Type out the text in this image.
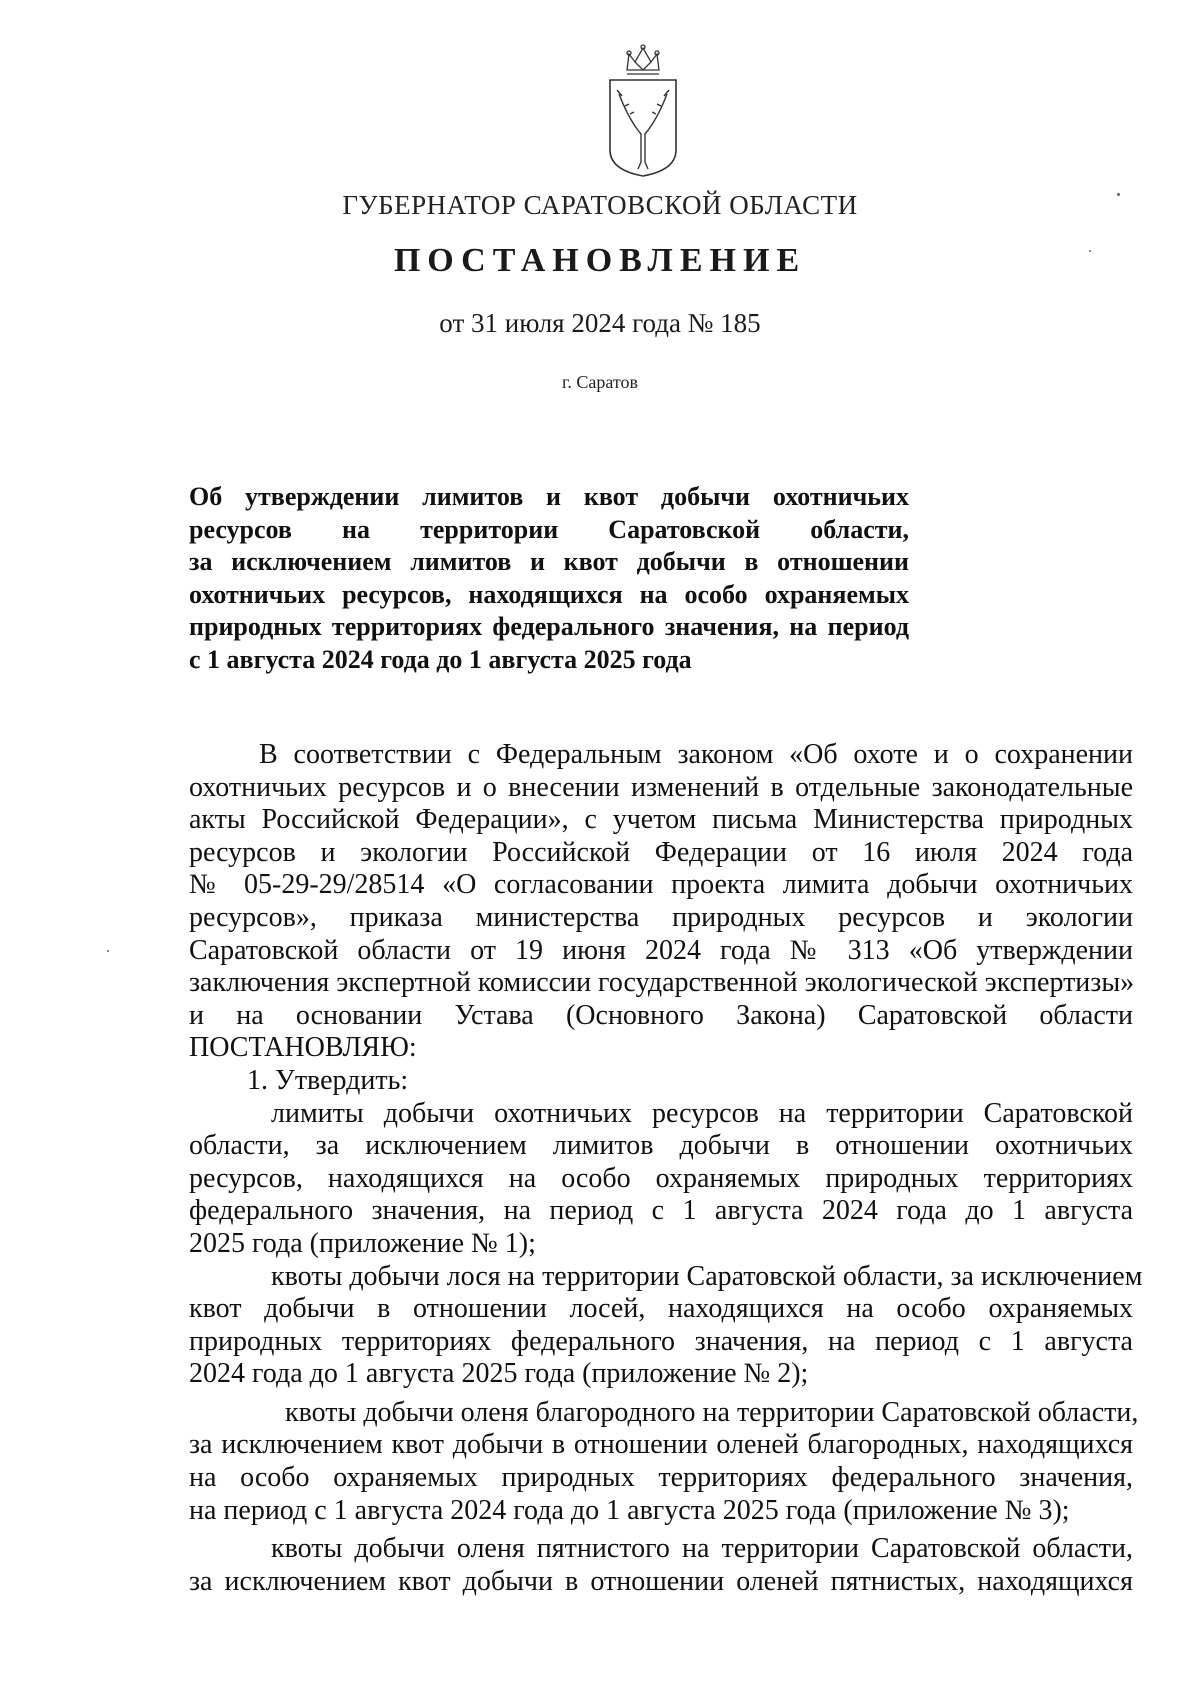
ГУБЕРНАТОР САРАТОВСКОЙ ОБЛАСТИ
ПОСТАНОВЛЕНИЕ
от 31 июля 2024 года № 185
г. Саратов
Об утверждении лимитов и квот добычи охотничьих
ресурсов на территории Саратовской области,
за исключением лимитов и квот добычи в отношении
охотничьих ресурсов, находящихся на особо охраняемых
природных территориях федерального значения, на период
с 1 августа 2024 года до 1 августа 2025 года
В соответствии с Федеральным законом «Об охоте и о сохранении
охотничьих ресурсов и о внесении изменений в отдельные законодательные
акты Российской Федерации», с учетом письма Министерства природных
ресурсов и экологии Российской Федерации от 16 июля 2024 года
№ 05-29-29/28514 «О согласовании проекта лимита добычи охотничьих
ресурсов», приказа министерства природных ресурсов и экологии
Саратовской области от 19 июня 2024 года № 313 «Об утверждении
заключения экспертной комиссии государственной экологической экспертизы»
и на основании Устава (Основного Закона) Саратовской области
ПОСТАНОВЛЯЮ:
1. Утвердить:
лимиты добычи охотничьих ресурсов на территории Саратовской
области, за исключением лимитов добычи в отношении охотничьих
ресурсов, находящихся на особо охраняемых природных территориях
федерального значения, на период с 1 августа 2024 года до 1 августа
2025 года (приложение № 1);
квоты добычи лося на территории Саратовской области, за исключением
квот добычи в отношении лосей, находящихся на особо охраняемых
природных территориях федерального значения, на период с 1 августа
2024 года до 1 августа 2025 года (приложение № 2);
квоты добычи оленя благородного на территории Саратовской области,
за исключением квот добычи в отношении оленей благородных, находящихся
на особо охраняемых природных территориях федерального значения,
на период с 1 августа 2024 года до 1 августа 2025 года (приложение № 3);
квоты добычи оленя пятнистого на территории Саратовской области,
за исключением квот добычи в отношении оленей пятнистых, находящихся
